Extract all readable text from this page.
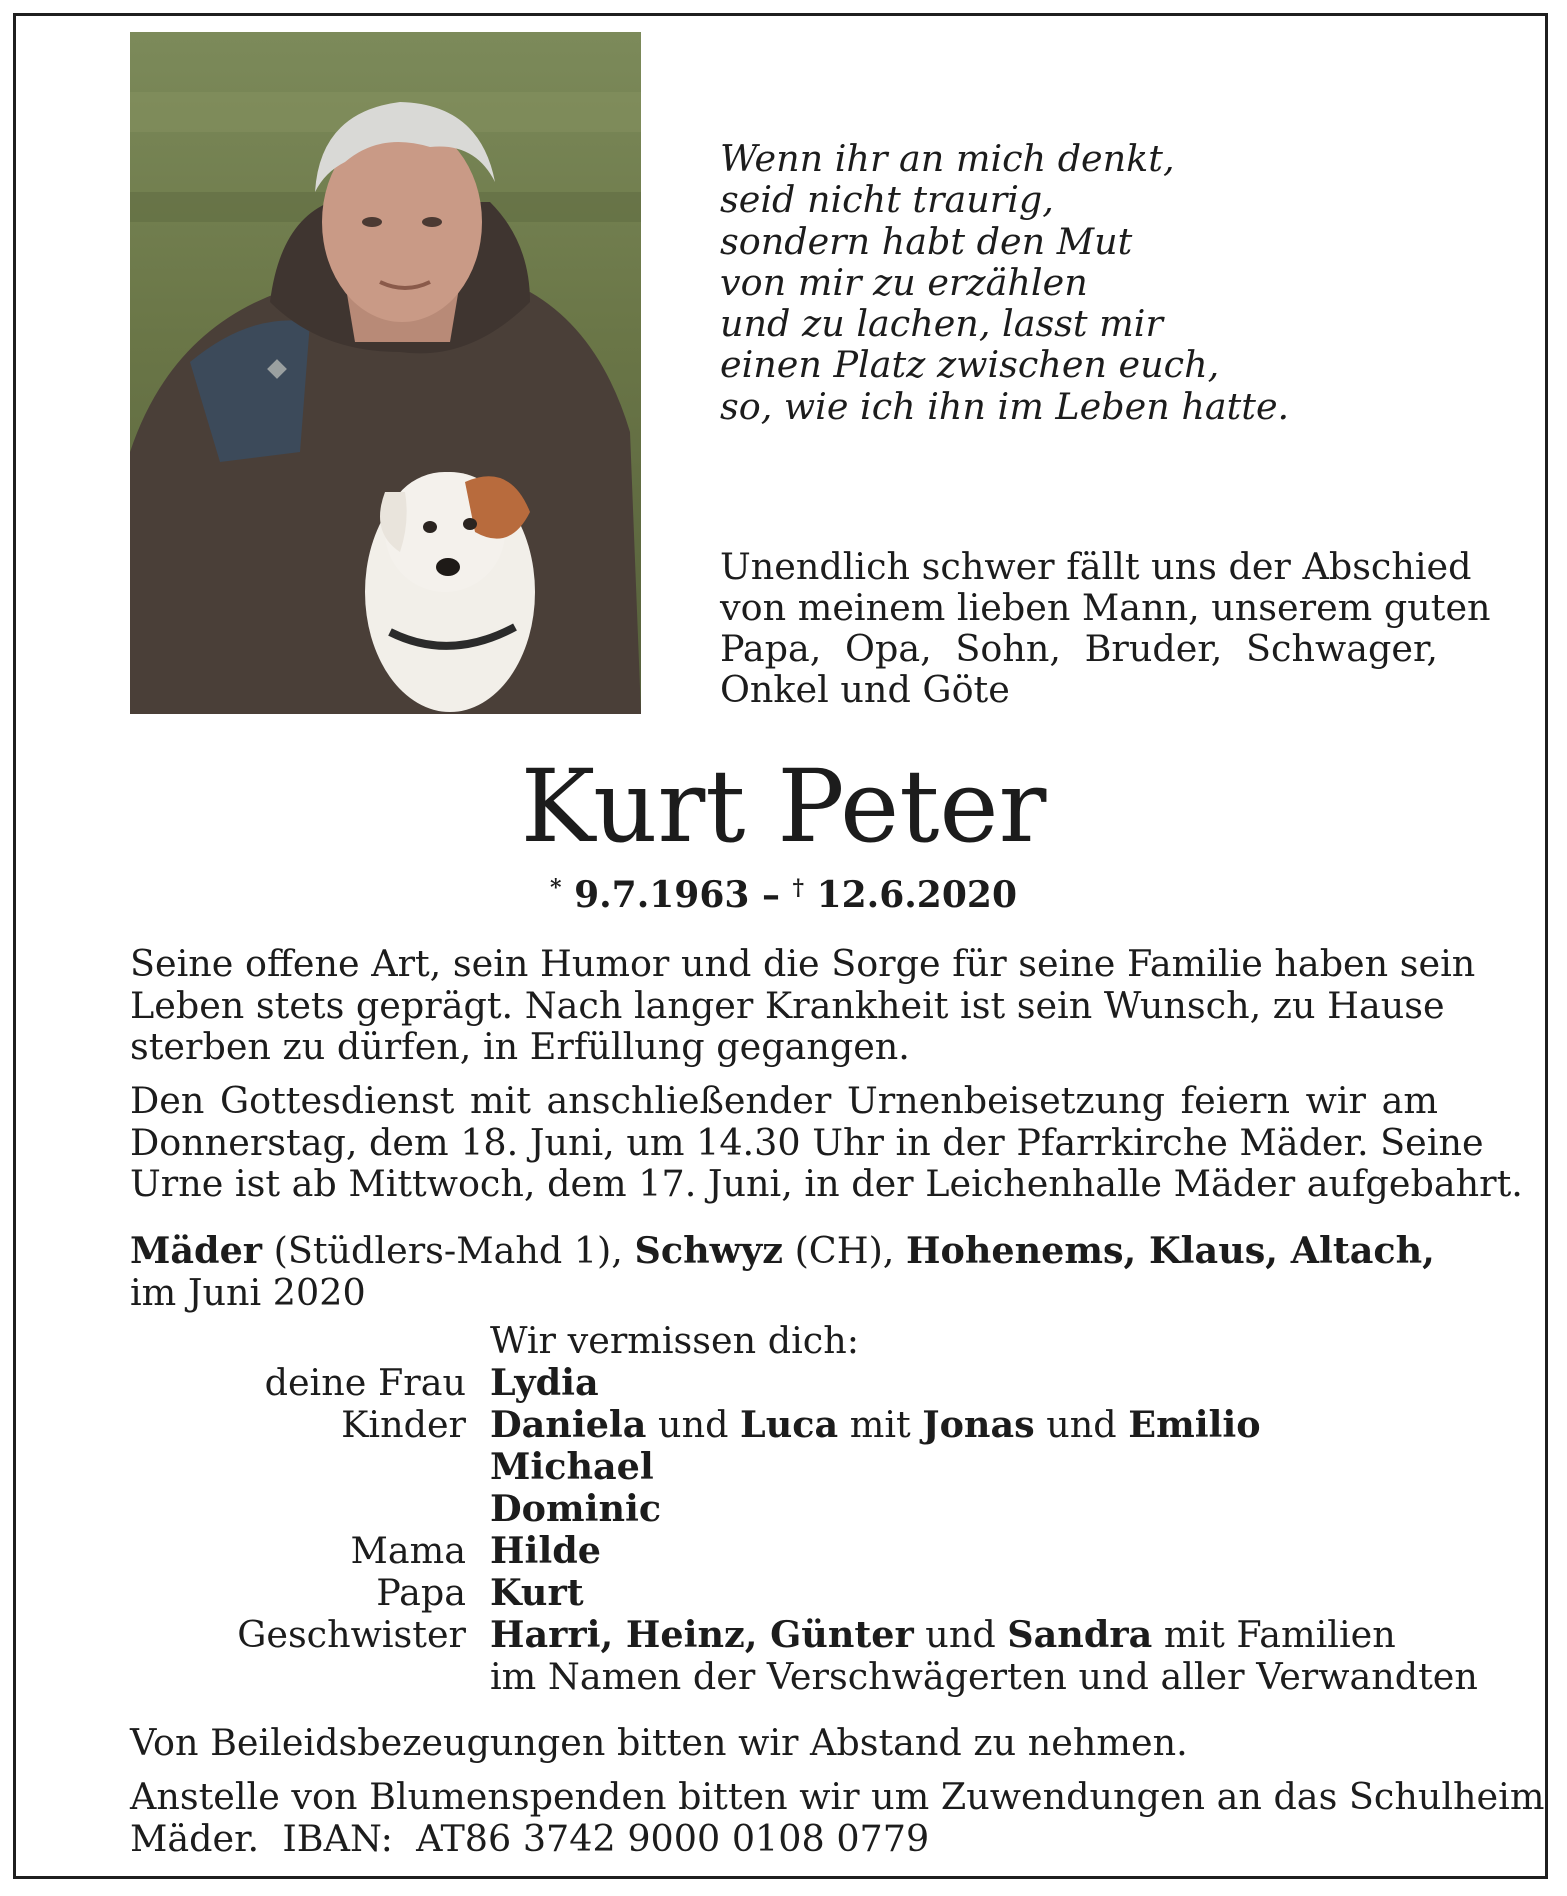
Wenn ihr an mich denkt,
seid nicht traurig,
sondern habt den Mut
von mir zu erzählen
und zu lachen, lasst mir
einen Platz zwischen euch,
so, wie ich ihn im Leben hatte.
Unendlich schwer fällt uns der Abschied
von meinem lieben Mann, unserem guten
Papa, Opa, Sohn, Bruder, Schwager,
Onkel und Göte
Kurt Peter
* 9.7.1963 – † 12.6.2020
Seine offene Art, sein Humor und die Sorge für seine Familie haben sein
Leben stets geprägt. Nach langer Krankheit ist sein Wunsch, zu Hause
sterben zu dürfen, in Erfüllung gegangen.
Den Gottesdienst mit anschließender Urnenbeisetzung feiern wir am
Donnerstag, dem 18. Juni, um 14.30 Uhr in der Pfarrkirche Mäder. Seine
Urne ist ab Mittwoch, dem 17. Juni, in der Leichenhalle Mäder aufgebahrt.
Mäder (Stüdlers-Mahd 1), Schwyz (CH), Hohenems, Klaus, Altach,
im Juni 2020
Wir vermissen dich:
deine Frau Lydia
Kinder Daniela und Luca mit Jonas und Emilio
Michael
Dominic
Mama Hilde
Papa Kurt
Geschwister Harri, Heinz, Günter und Sandra mit Familien
im Namen der Verschwägerten und aller Verwandten
Von Beileidsbezeugungen bitten wir Abstand zu nehmen.
Anstelle von Blumenspenden bitten wir um Zuwendungen an das Schulheim
Mäder.  IBAN:  AT86 3742 9000 0108 0779
